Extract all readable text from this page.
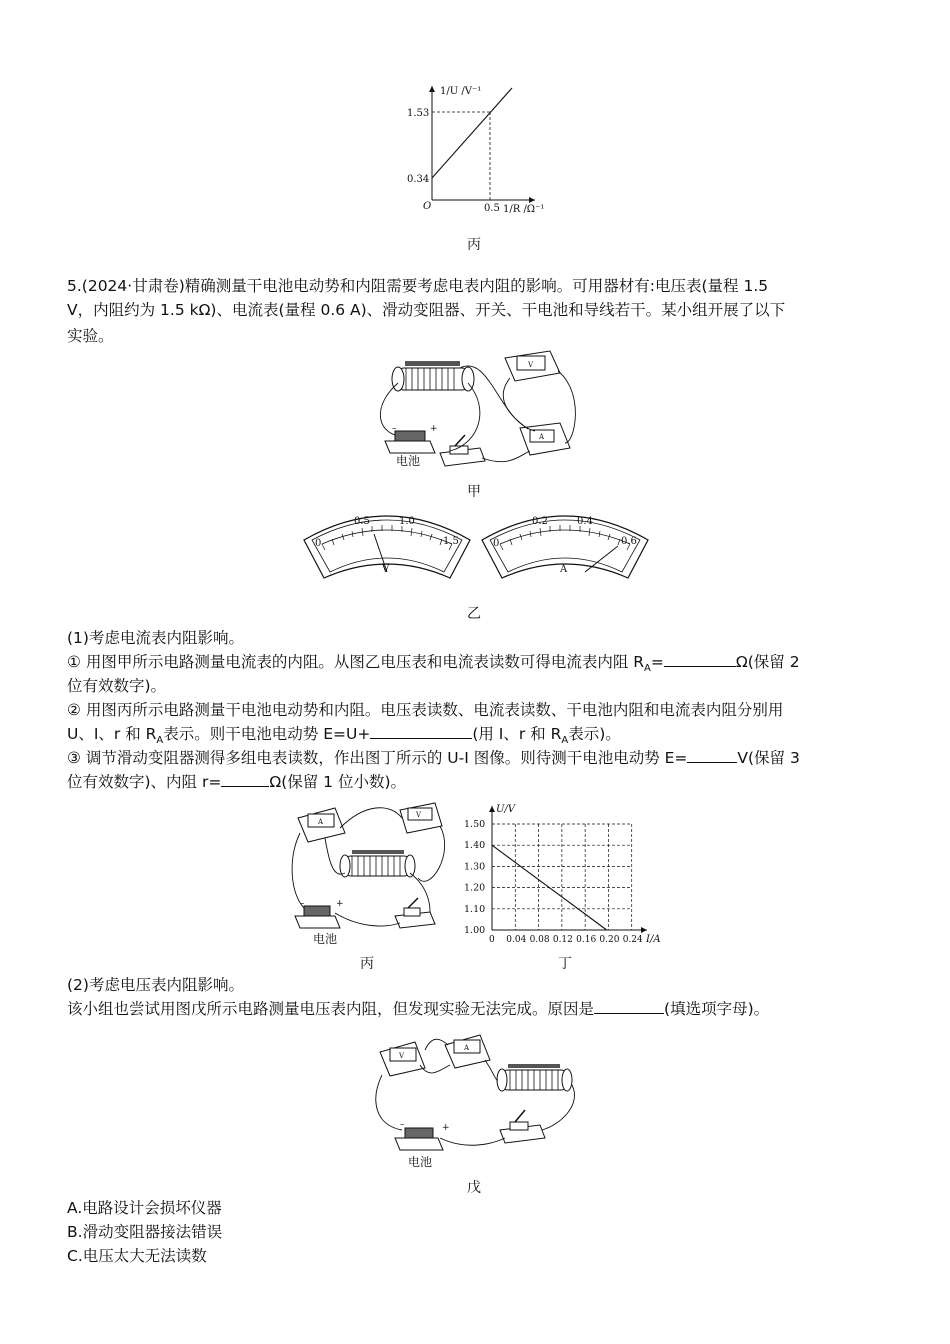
1.53
0.34
O	0.5
1/U /V⁻¹
1/R /Ω⁻¹
丙
5.(2024·甘肃卷)精确测量干电池电动势和内阻需要考虑电表内阻的影响。可用器材有:电压表(量程 1.5
V，内阻约为 1.5 kΩ)、电流表(量程 0.6 A)、滑动变阻器、开关、干电池和导线若干。某小组开展了以下
实验。
V
A
–	+
电池
甲
0
0.5	1.0
1.5
V
0
0.2	0.4
0.6
A
乙
(1)考虑电流表内阻影响。
① 用图甲所示电路测量电流表的内阻。从图乙电压表和电流表读数可得电流表内阻 $R_A=$	Ω(保留 2
位有效数字)。
② 用图丙所示电路测量干电池电动势和内阻。电压表读数、电流表读数、干电池内阻和电流表内阻分别用
U、I、r 和 $R_A$表示。则干电池电动势 E=U+	(用 I、r 和 $R_A$表示)。
③ 调节滑动变阻器测得多组电表读数，作出图丁所示的 U-I 图像。则待测干电池电动势 E=	V(保留 3
位有效数字)、内阻 r=	Ω(保留 1 位小数)。
A
V
–	+
电池
丙
0 0.04 0.08 0.12 0.16 0.20 0.24
1.00
1.10
1.20
1.30
1.40
1.50
I/A
U/V
丁
(2)考虑电压表内阻影响。
该小组也尝试用图戊所示电路测量电压表内阻，但发现实验无法完成。原因是	(填选项字母)。
V
A
–	+
电池
戊
A.电路设计会损坏仪器
B.滑动变阻器接法错误
C.电压太大无法读数
